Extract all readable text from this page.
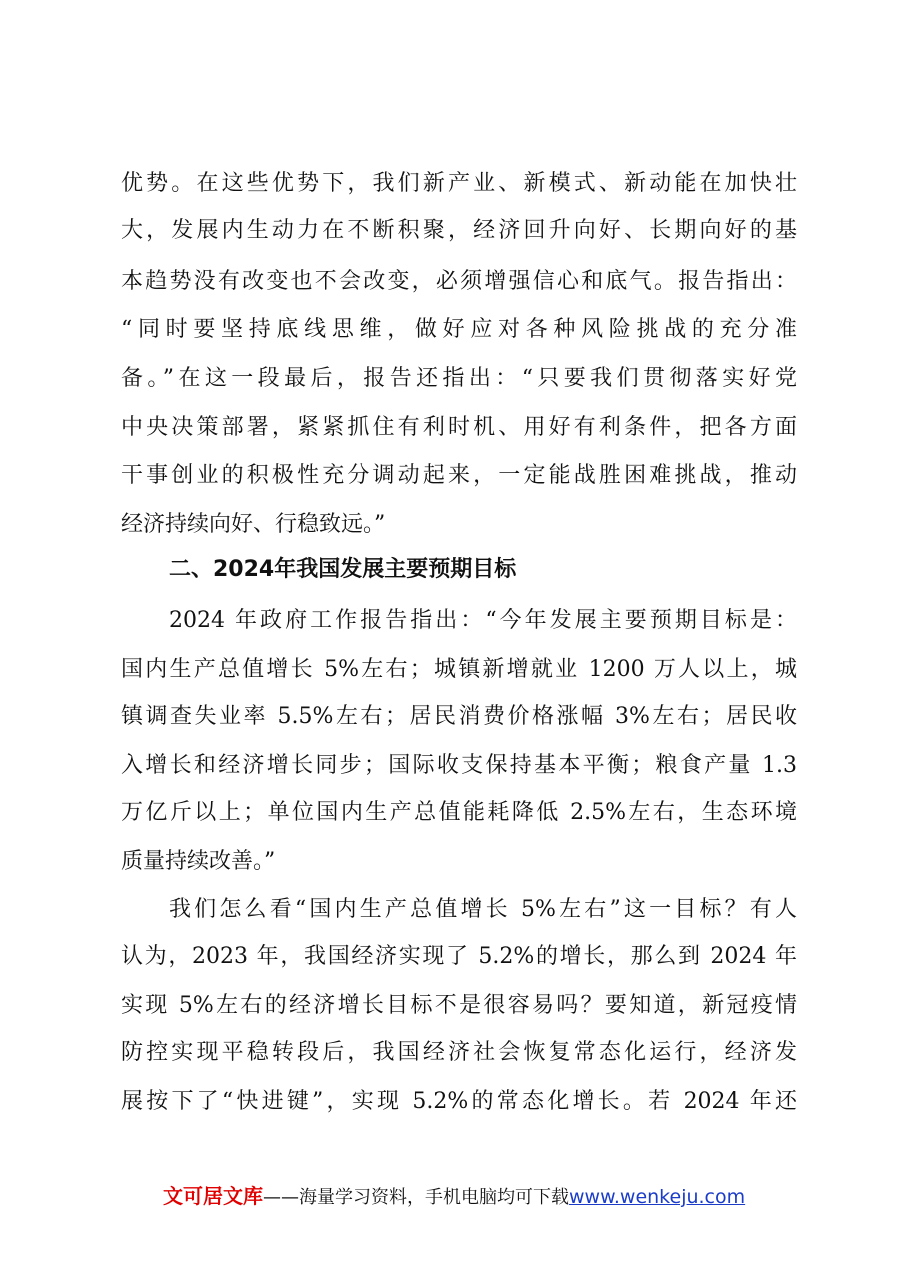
优势。在这些优势下，我们新产业、新模式、新动能在加快壮
大，发展内生动力在不断积聚，经济回升向好、长期向好的基
本趋势没有改变也不会改变，必须增强信心和底气。报告指出：
“同时要坚持底线思维，做好应对各种风险挑战的充分准
备。”在这一段最后，报告还指出：“只要我们贯彻落实好党
中央决策部署，紧紧抓住有利时机、用好有利条件，把各方面
干事创业的积极性充分调动起来，一定能战胜困难挑战，推动
经济持续向好、行稳致远。”
二、2024年我国发展主要预期目标
2024 年政府工作报告指出：“今年发展主要预期目标是：
国内生产总值增长 5%左右；城镇新增就业 1200 万人以上，城
镇调查失业率 5.5%左右；居民消费价格涨幅 3%左右；居民收
入增长和经济增长同步；国际收支保持基本平衡；粮食产量 1.3
万亿斤以上；单位国内生产总值能耗降低 2.5%左右，生态环境
质量持续改善。”
我们怎么看“国内生产总值增长 5%左右”这一目标？有人
认为，2023 年，我国经济实现了 5.2%的增长，那么到 2024 年
实现 5%左右的经济增长目标不是很容易吗？要知道，新冠疫情
防控实现平稳转段后，我国经济社会恢复常态化运行，经济发
展按下了“快进键”，实现 5.2%的常态化增长。若 2024 年还
文可居文库——海量学习资料，手机电脑均可下载www.wenkeju.com
